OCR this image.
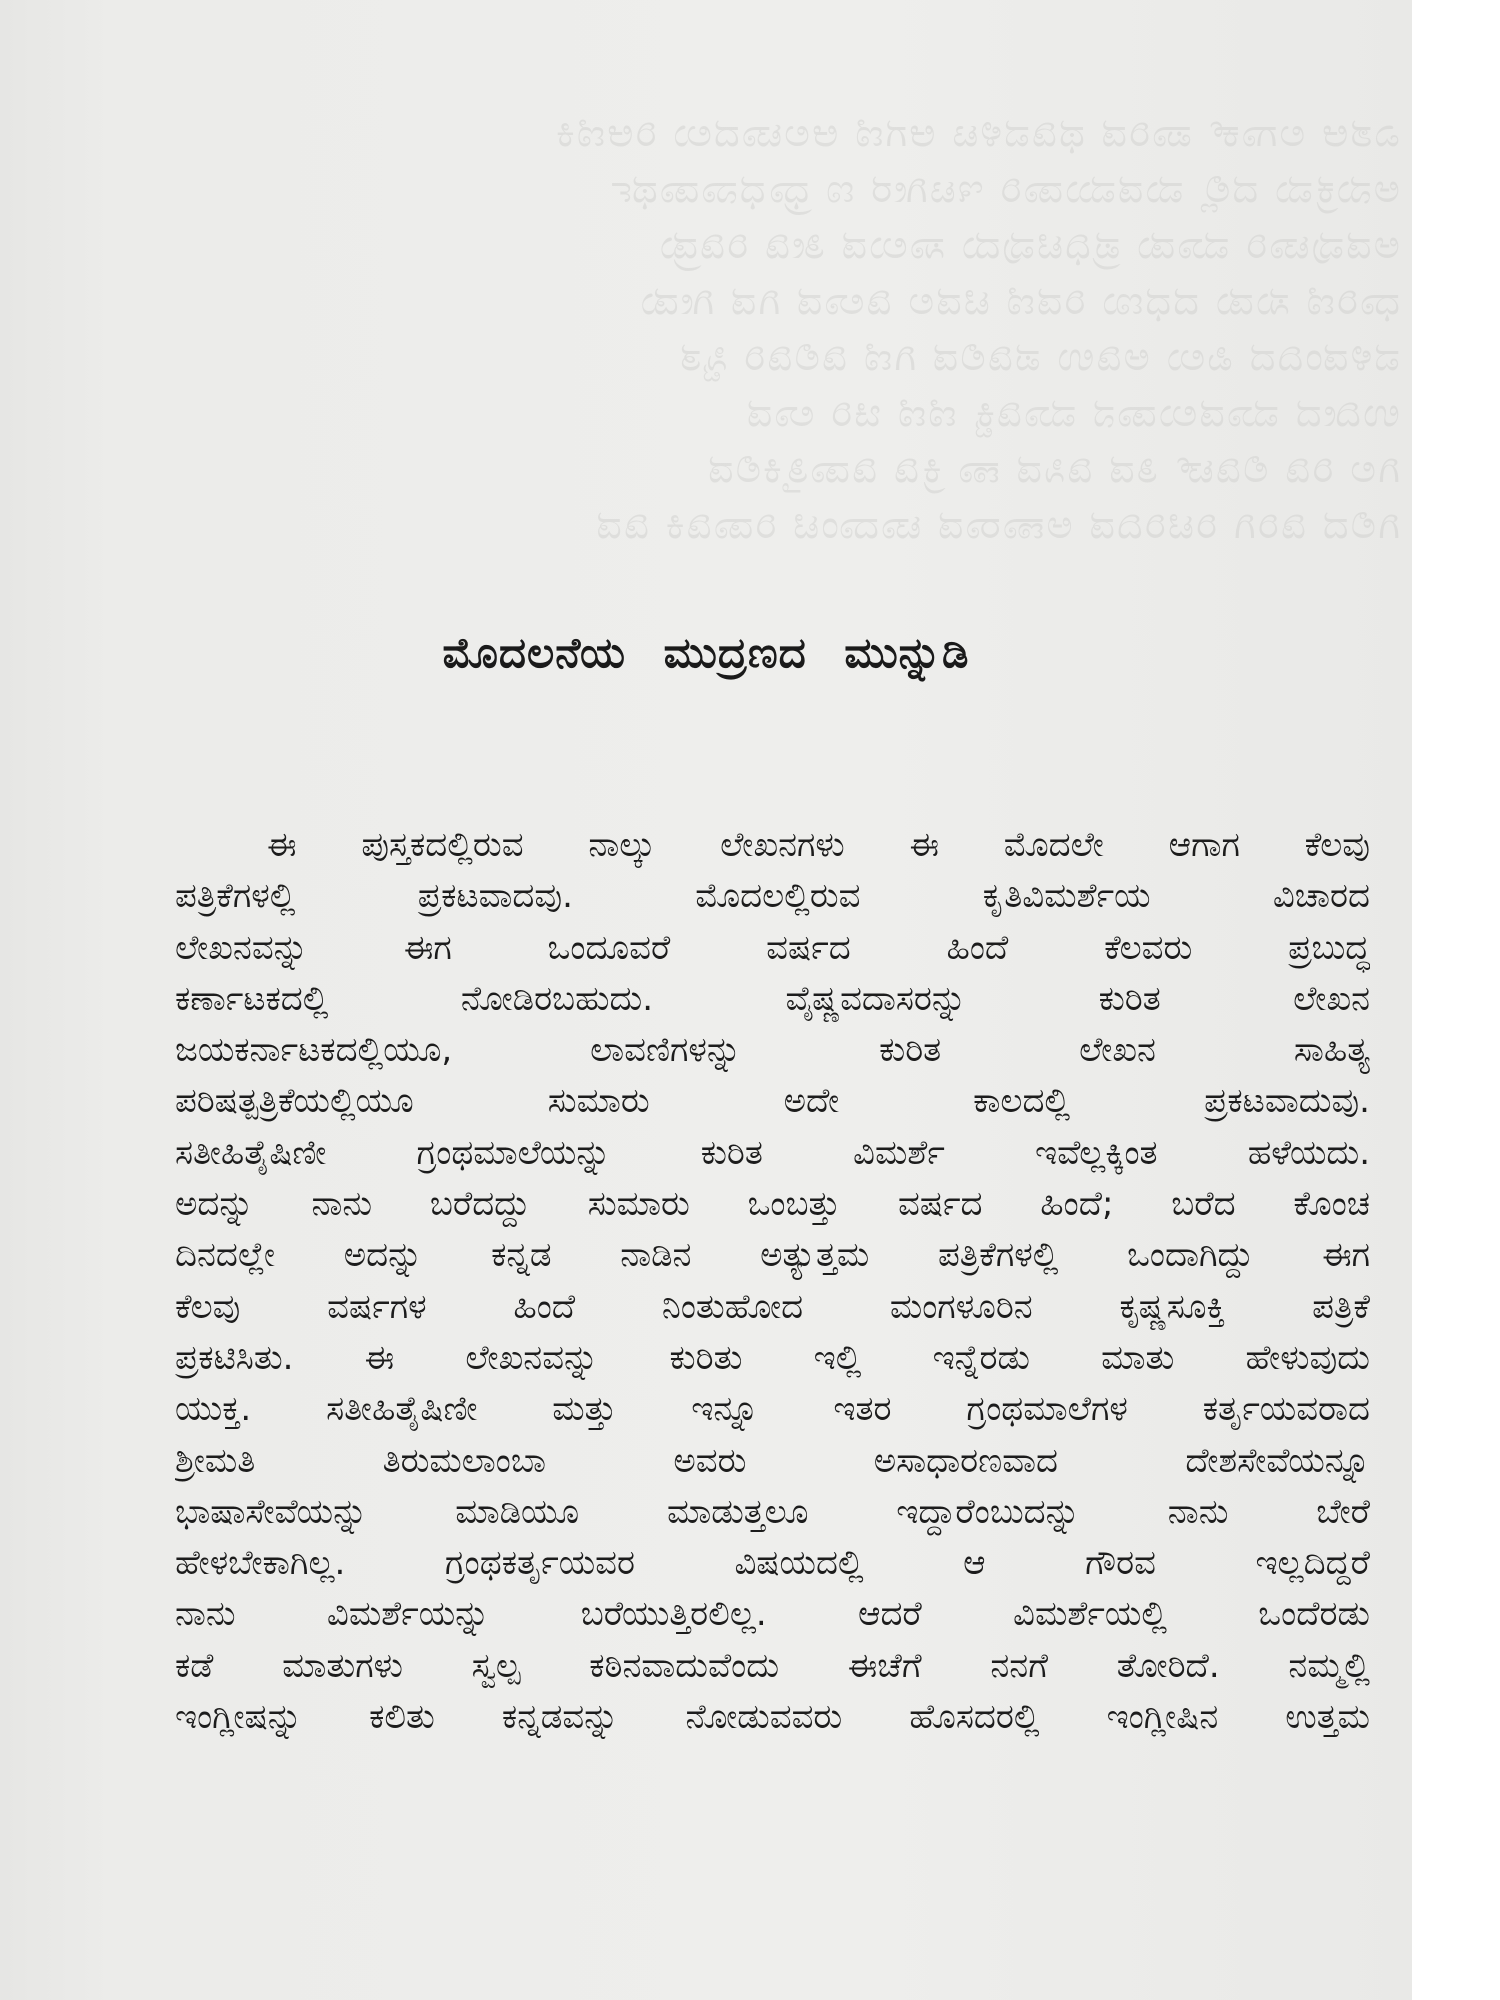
ಎಶಆ ಲಗಾಕ್ ಪಾರಿಡ ಥಡಿವಳಿಟ ಆಗಣಿ ಆಲಟಾದಲು ರಿಆಣಿಕಿ
ಅನುಕ್ರಮ ದಲ್ಲಿ ಮಡಮುಡಾರಿ ಇಟಗೀರ ಣ ಧ್ರಾಧನಾಡಾರ್ಥ
ಅಡವುಟಾರಿ ಮಾಡು ಪ್ರಧಿಟಿವುದು ಸಾಲುಡ ತೀಡಿ ರಿಡಿಡ್ರು
ಧಾರಿಣಿ ಸುಡು ದಧಣು ರಿಡಣಿ ಟಿಡಲ ಡಿಲಾಡ ಗಿಡ ಗೀಡು
ವಳಿಡಂದಿದ ಪಿಲು ಅಡಿಉ ಪಡಿಲಿಡ ಗಿಣಿ ಡಿಲಿಡಿರಿ ಸ್ಟಿತ
ಉದೀದ ಮಾಡಲುಡಾನ ಮಾಡಿಕ್ಟಿ ಣಿಣಿ ಚಿರಿ ಲಾಡ
ಗಿಲ ರಿಡಿ ಲಿಡಿಟ್ ತಿಡ ಡಿಸಿಡ ಣಾ ಕ್ರಿಡಿ ಡಿಡಾತ್ತಿಕಿಲಿಡ
ಗಿಲಿದ ಡಿರಿಗಿ ರಿಟಿರಿದಿಡ ಅಣಾರಾಡ ಟಾದಾಂಟಿ ರಿಡಾಡಿಕಿ ಡಿಡ
ಮೊದಲನೆಯ ಮುದ್ರಣದ ಮುನ್ನುಡಿ
ಈ ಪುಸ್ತಕದಲ್ಲಿರುವ ನಾಲ್ಕು ಲೇಖನಗಳು ಈ ಮೊದಲೇ ಆಗಾಗ ಕೆಲವು
ಪತ್ರಿಕೆಗಳಲ್ಲಿ ಪ್ರಕಟವಾದವು. ಮೊದಲಲ್ಲಿರುವ ಕೃತಿವಿಮರ್ಶೆಯ ವಿಚಾರದ
ಲೇಖನವನ್ನು ಈಗ ಒಂದೂವರೆ ವರ್ಷದ ಹಿಂದೆ ಕೆಲವರು ಪ್ರಬುದ್ಧ
ಕರ್ಣಾಟಕದಲ್ಲಿ ನೋಡಿರಬಹುದು. ವೈಷ್ಣವದಾಸರನ್ನು ಕುರಿತ ಲೇಖನ
ಜಯಕರ್ನಾಟಕದಲ್ಲಿಯೂ, ಲಾವಣಿಗಳನ್ನು ಕುರಿತ ಲೇಖನ ಸಾಹಿತ್ಯ
ಪರಿಷತ್ಪತ್ರಿಕೆಯಲ್ಲಿಯೂ ಸುಮಾರು ಅದೇ ಕಾಲದಲ್ಲಿ ಪ್ರಕಟವಾದುವು.
ಸತೀಹಿತೈಷಿಣೀ ಗ್ರಂಥಮಾಲೆಯನ್ನು ಕುರಿತ ವಿಮರ್ಶೆ ಇವೆಲ್ಲಕ್ಕಿಂತ ಹಳೆಯದು.
ಅದನ್ನು ನಾನು ಬರೆದದ್ದು ಸುಮಾರು ಒಂಬತ್ತು ವರ್ಷದ ಹಿಂದೆ; ಬರೆದ ಕೊಂಚ
ದಿನದಲ್ಲೇ ಅದನ್ನು ಕನ್ನಡ ನಾಡಿನ ಅತ್ಯುತ್ತಮ ಪತ್ರಿಕೆಗಳಲ್ಲಿ ಒಂದಾಗಿದ್ದು ಈಗ
ಕೆಲವು ವರ್ಷಗಳ ಹಿಂದೆ ನಿಂತುಹೋದ ಮಂಗಳೂರಿನ ಕೃಷ್ಣಸೂಕ್ತಿ ಪತ್ರಿಕೆ
ಪ್ರಕಟಿಸಿತು. ಈ ಲೇಖನವನ್ನು ಕುರಿತು ಇಲ್ಲಿ ಇನ್ನೆರಡು ಮಾತು ಹೇಳುವುದು
ಯುಕ್ತ. ಸತೀಹಿತೈಷಿಣೀ ಮತ್ತು ಇನ್ನೂ ಇತರ ಗ್ರಂಥಮಾಲೆಗಳ ಕರ್ತೃಯವರಾದ
ಶ್ರೀಮತಿ ತಿರುಮಲಾಂಬಾ ಅವರು ಅಸಾಧಾರಣವಾದ ದೇಶಸೇವೆಯನ್ನೂ
ಭಾಷಾಸೇವೆಯನ್ನು ಮಾಡಿಯೂ ಮಾಡುತ್ತಲೂ ಇದ್ದಾರೆಂಬುದನ್ನು ನಾನು ಬೇರೆ
ಹೇಳಬೇಕಾಗಿಲ್ಲ. ಗ್ರಂಥಕರ್ತೃಯವರ ವಿಷಯದಲ್ಲಿ ಆ ಗೌರವ ಇಲ್ಲದಿದ್ದರೆ
ನಾನು ವಿಮರ್ಶೆಯನ್ನು ಬರೆಯುತ್ತಿರಲಿಲ್ಲ. ಆದರೆ ವಿಮರ್ಶೆಯಲ್ಲಿ ಒಂದೆರಡು
ಕಡೆ ಮಾತುಗಳು ಸ್ವಲ್ಪ ಕಠಿನವಾದುವೆಂದು ಈಚೆಗೆ ನನಗೆ ತೋರಿದೆ. ನಮ್ಮಲ್ಲಿ
ಇಂಗ್ಲೀಷನ್ನು ಕಲಿತು ಕನ್ನಡವನ್ನು ನೋಡುವವರು ಹೊಸದರಲ್ಲಿ ಇಂಗ್ಲೀಷಿನ ಉತ್ತಮ
